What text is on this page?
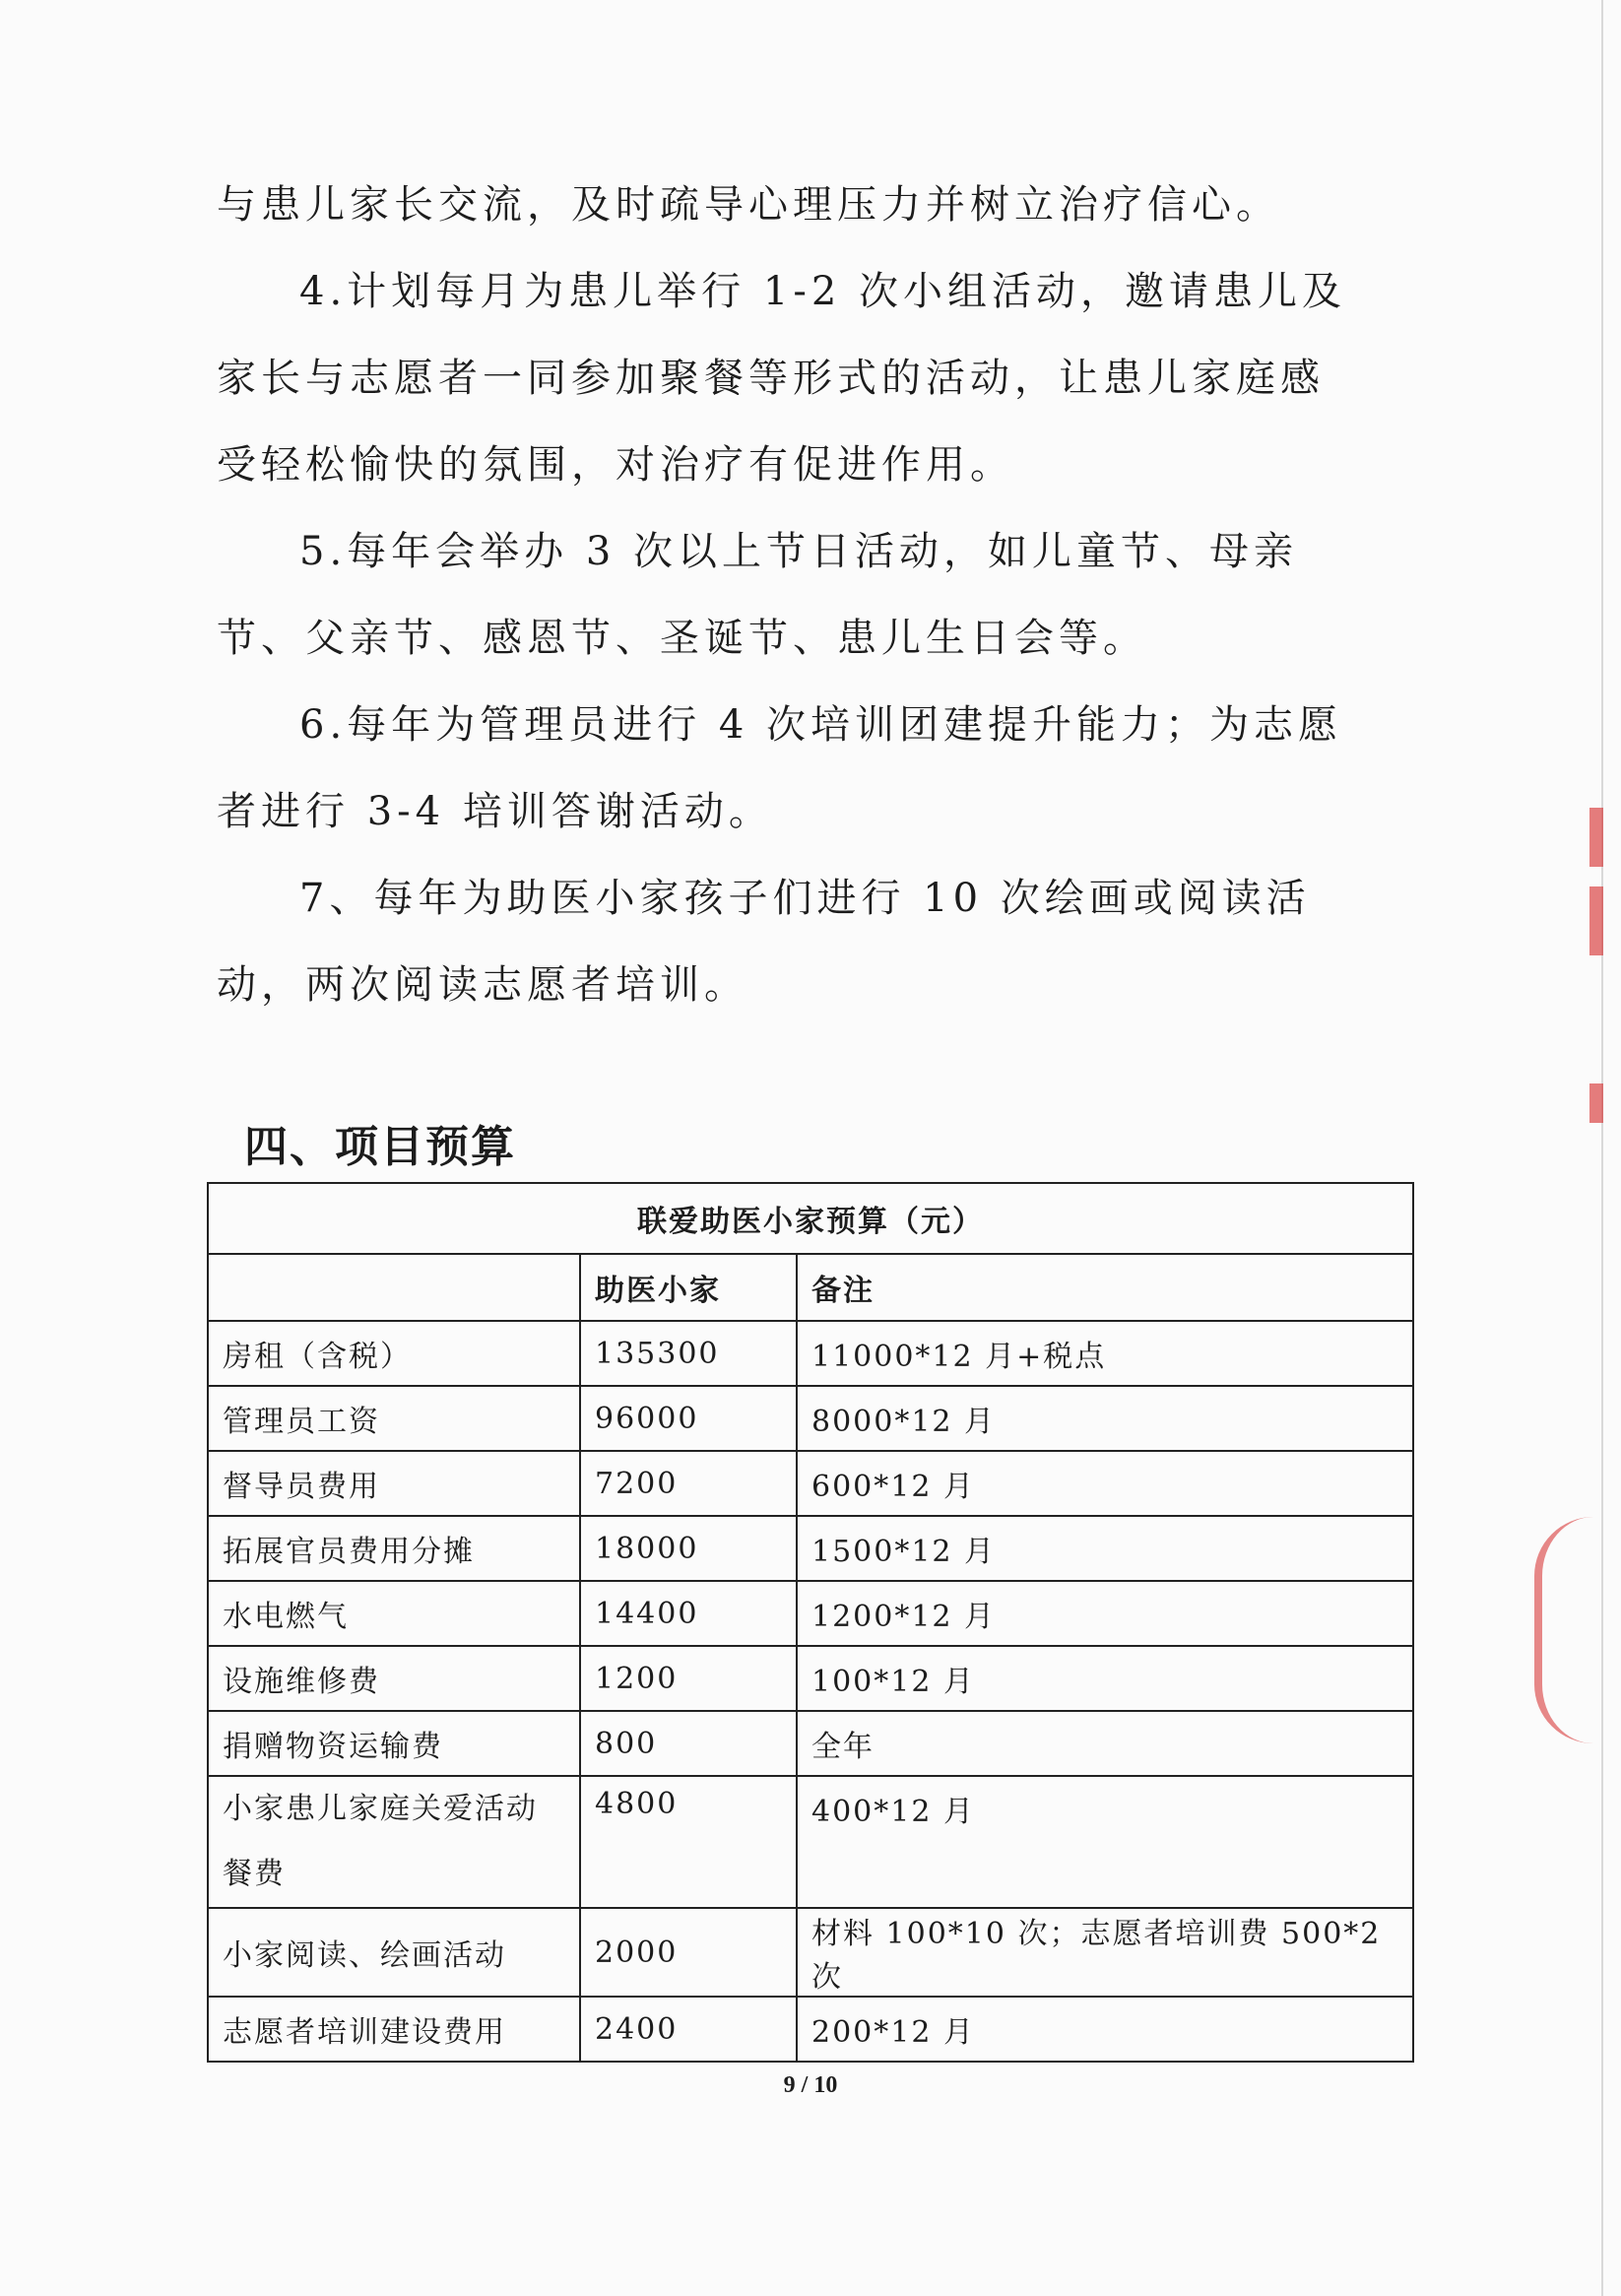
与患儿家长交流，及时疏导心理压力并树立治疗信心。

4.计划每月为患儿举行 1-2 次小组活动，邀请患儿及家长与志愿者一同参加聚餐等形式的活动，让患儿家庭感受轻松愉快的氛围，对治疗有促进作用。

5.每年会举办 3 次以上节日活动，如儿童节、母亲节、父亲节、感恩节、圣诞节、患儿生日会等。

6.每年为管理员进行 4 次培训团建提升能力；为志愿者进行 3-4 培训答谢活动。

7、每年为助医小家孩子们进行 10 次绘画或阅读活动，两次阅读志愿者培训。

四、项目预算
联爱助医小家预算（元）		
	助医小家	备注
房租（含税）	135300	11000*12 月+税点
管理员工资	96000	8000*12 月
督导员费用	7200	600*12 月
拓展官员费用分摊	18000	1500*12 月
水电燃气	14400	1200*12 月
设施维修费	1200	100*12 月
捐赠物资运输费	800	全年
小家患儿家庭关爱活动餐费	4800	400*12 月
小家阅读、绘画活动	2000	材料 100*10 次；志愿者培训费 500*2 次
志愿者培训建设费用	2400	200*12 月
9 / 10
